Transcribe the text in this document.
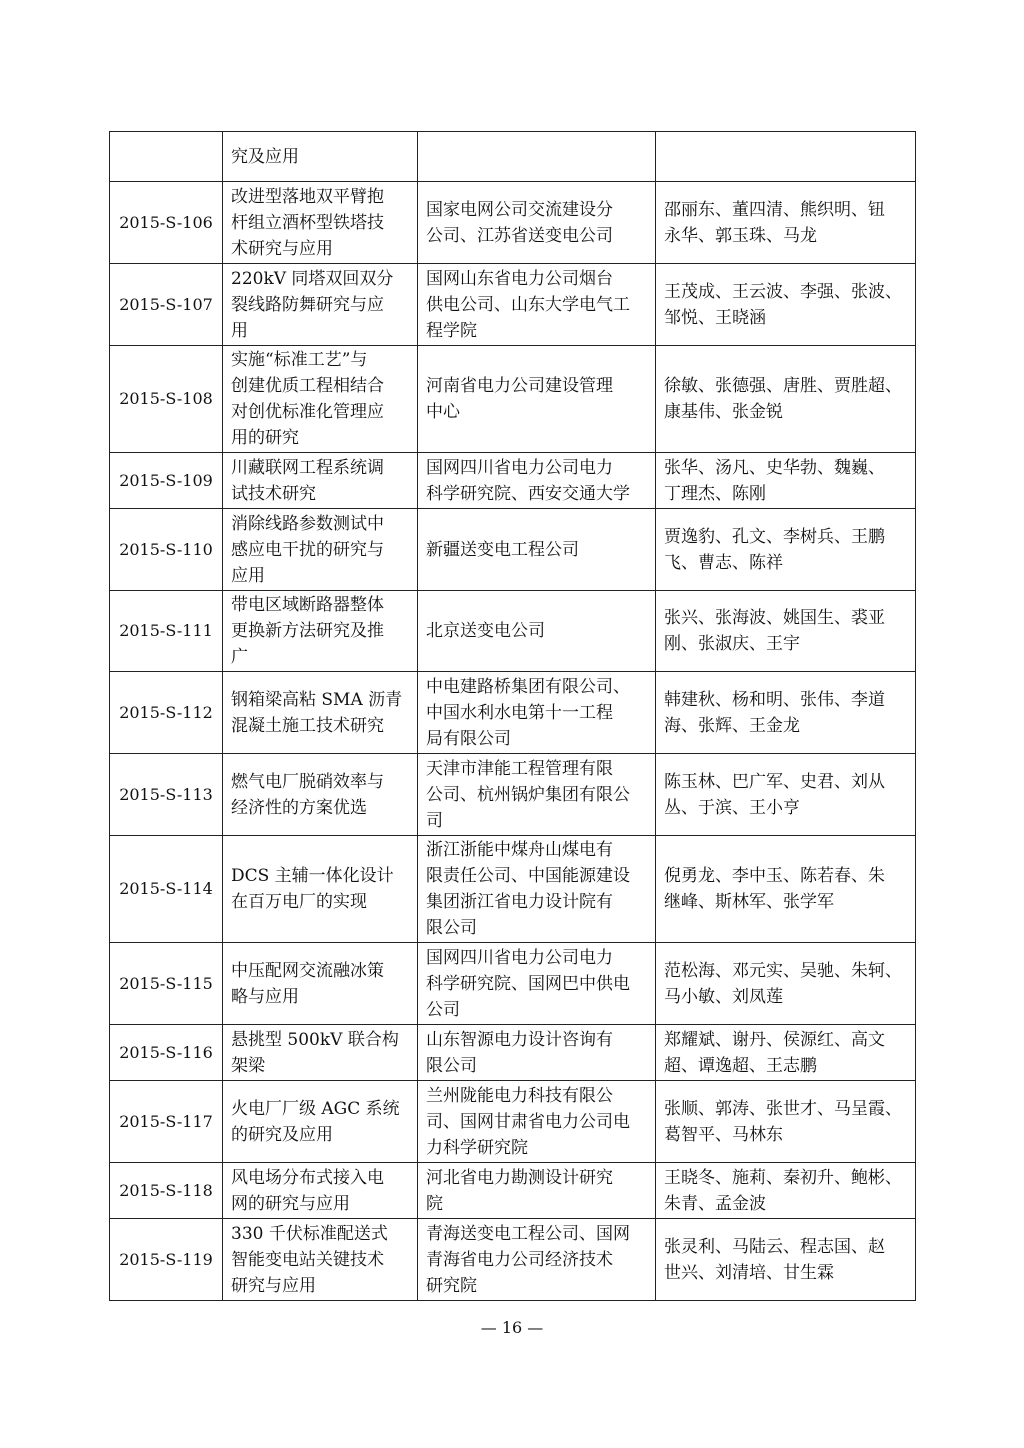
	究及应用		

2015-S-106	改进型落地双平臂抱
杆组立酒杯型铁塔技
术研究与应用	国家电网公司交流建设分
公司、江苏省送变电公司	邵丽东、董四清、熊织明、钮
永华、郭玉珠、马龙

2015-S-107	220kV 同塔双回双分
裂线路防舞研究与应
用	国网山东省电力公司烟台
供电公司、山东大学电气工
程学院	王茂成、王云波、李强、张波、
邹悦、王晓涵

2015-S-108	实施“标准工艺”与
创建优质工程相结合
对创优标准化管理应
用的研究	河南省电力公司建设管理
中心	徐敏、张德强、唐胜、贾胜超、
康基伟、张金锐

2015-S-109	川藏联网工程系统调
试技术研究	国网四川省电力公司电力
科学研究院、西安交通大学	张华、汤凡、史华勃、魏巍、
丁理杰、陈刚

2015-S-110	消除线路参数测试中
感应电干扰的研究与
应用	新疆送变电工程公司	贾逸豹、孔文、李树兵、王鹏
飞、曹志、陈祥

2015-S-111	带电区域断路器整体
更换新方法研究及推
广	北京送变电公司	张兴、张海波、姚国生、裘亚
刚、张淑庆、王宇

2015-S-112	钢箱梁高粘 SMA 沥青
混凝土施工技术研究	中电建路桥集团有限公司、
中国水利水电第十一工程
局有限公司	韩建秋、杨和明、张伟、李道
海、张辉、王金龙

2015-S-113	燃气电厂脱硝效率与
经济性的方案优选	天津市津能工程管理有限
公司、杭州锅炉集团有限公
司	陈玉林、巴广军、史君、刘从
丛、于滨、王小亨

2015-S-114	DCS 主辅一体化设计
在百万电厂的实现	浙江浙能中煤舟山煤电有
限责任公司、中国能源建设
集团浙江省电力设计院有
限公司	倪勇龙、李中玉、陈若春、朱
继峰、斯林军、张学军

2015-S-115	中压配网交流融冰策
略与应用	国网四川省电力公司电力
科学研究院、国网巴中供电
公司	范松海、邓元实、吴驰、朱轲、
马小敏、刘凤莲

2015-S-116	悬挑型 500kV 联合构
架梁	山东智源电力设计咨询有
限公司	郑耀斌、谢丹、侯源红、高文
超、谭逸超、王志鹏

2015-S-117	火电厂厂级 AGC 系统
的研究及应用	兰州陇能电力科技有限公
司、国网甘肃省电力公司电
力科学研究院	张顺、郭涛、张世才、马呈霞、
葛智平、马林东

2015-S-118	风电场分布式接入电
网的研究与应用	河北省电力勘测设计研究
院	王晓冬、施莉、秦初升、鲍彬、
朱青、孟金波

2015-S-119	330 千伏标准配送式
智能变电站关键技术
研究与应用	青海送变电工程公司、国网
青海省电力公司经济技术
研究院	张灵利、马陆云、程志国、赵
世兴、刘清培、甘生霖
— 16 —
